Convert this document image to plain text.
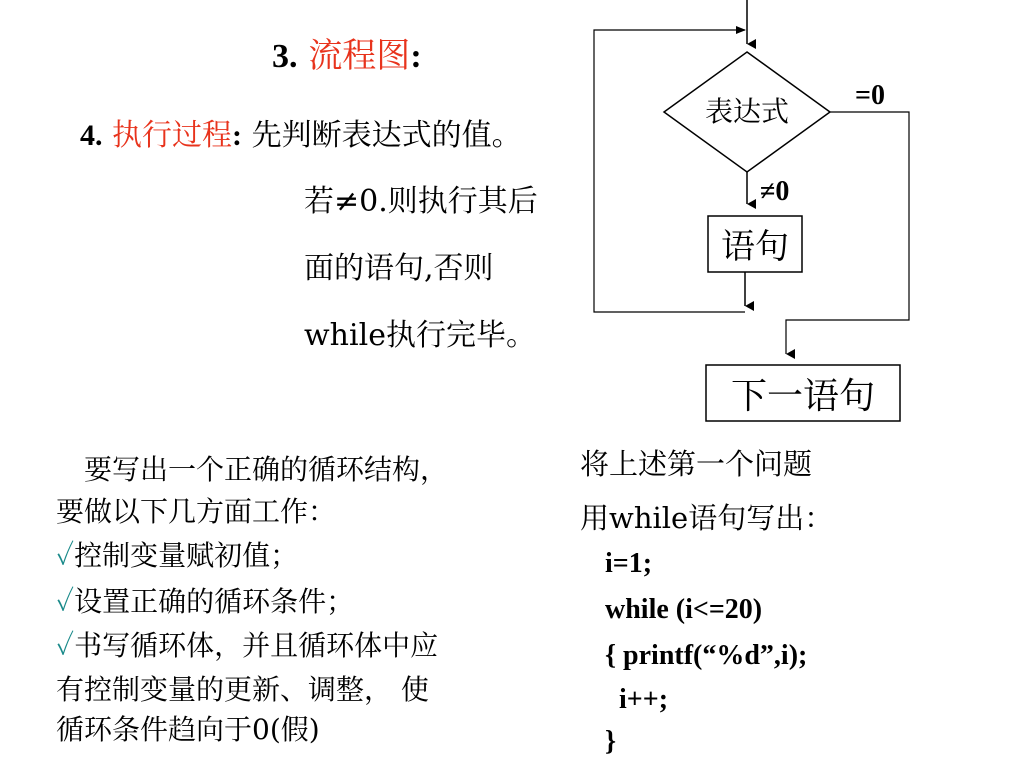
3. 流程图:
4. 执行过程: 先判断表达式的值。
若≠0.则执行其后
面的语句,否则
while执行完毕。
表达式 =0
≠0
语句
下一语句
要写出一个正确的循环结构，
要做以下几方面工作：
✓控制变量赋初值；
✓设置正确的循环条件；
✓书写循环体，并且循环体中应
有控制变量的更新、调整， 使
循环条件趋向于0(假)
将上述第一个问题
用while语句写出：
i=1;
while (i<=20)
{ printf(“%d”,i);
i++;
}
